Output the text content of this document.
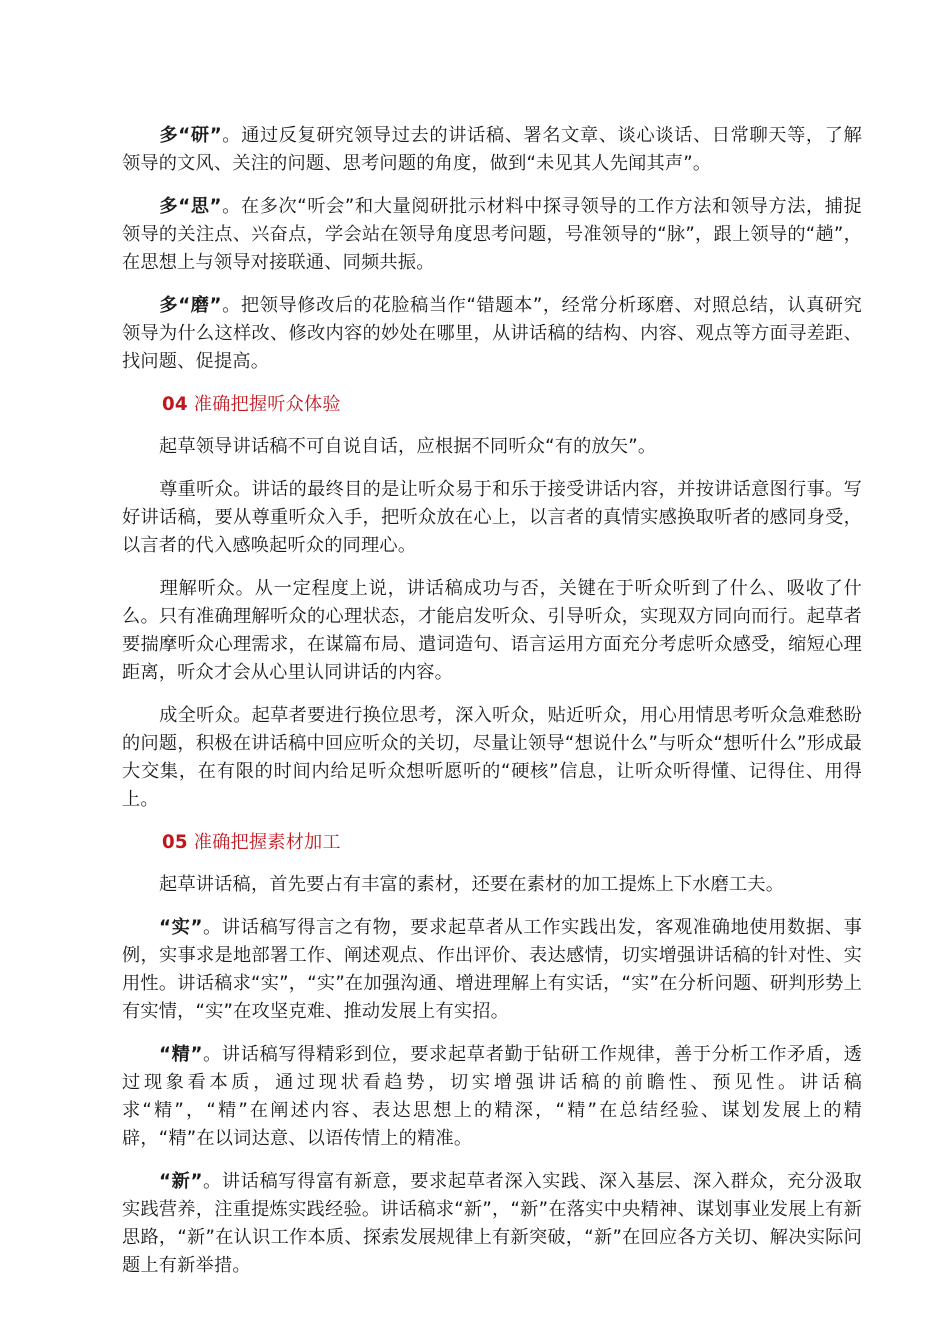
多“研”。通过反复研究领导过去的讲话稿、署名文章、谈心谈话、日常聊天等，了解领导的文风、关注的问题、思考问题的角度，做到“未见其人先闻其声”。

多“思”。在多次“听会”和大量阅研批示材料中探寻领导的工作方法和领导方法，捕捉领导的关注点、兴奋点，学会站在领导角度思考问题，号准领导的“脉”，跟上领导的“趟”，在思想上与领导对接联通、同频共振。

多“磨”。把领导修改后的花脸稿当作“错题本”，经常分析琢磨、对照总结，认真研究领导为什么这样改、修改内容的妙处在哪里，从讲话稿的结构、内容、观点等方面寻差距、找问题、促提高。

04 准确把握听众体验

起草领导讲话稿不可自说自话，应根据不同听众“有的放矢”。

尊重听众。讲话的最终目的是让听众易于和乐于接受讲话内容，并按讲话意图行事。写好讲话稿，要从尊重听众入手，把听众放在心上，以言者的真情实感换取听者的感同身受，以言者的代入感唤起听众的同理心。

理解听众。从一定程度上说，讲话稿成功与否，关键在于听众听到了什么、吸收了什么。只有准确理解听众的心理状态，才能启发听众、引导听众，实现双方同向而行。起草者要揣摩听众心理需求，在谋篇布局、遣词造句、语言运用方面充分考虑听众感受，缩短心理距离，听众才会从心里认同讲话的内容。

成全听众。起草者要进行换位思考，深入听众，贴近听众，用心用情思考听众急难愁盼的问题，积极在讲话稿中回应听众的关切，尽量让领导“想说什么”与听众“想听什么”形成最大交集，在有限的时间内给足听众想听愿听的“硬核”信息，让听众听得懂、记得住、用得上。

05 准确把握素材加工

起草讲话稿，首先要占有丰富的素材，还要在素材的加工提炼上下水磨工夫。

“实”。讲话稿写得言之有物，要求起草者从工作实践出发，客观准确地使用数据、事例，实事求是地部署工作、阐述观点、作出评价、表达感情，切实增强讲话稿的针对性、实用性。讲话稿求“实”，“实”在加强沟通、增进理解上有实话，“实”在分析问题、研判形势上有实情，“实”在攻坚克难、推动发展上有实招。

“精”。讲话稿写得精彩到位，要求起草者勤于钻研工作规律，善于分析工作矛盾，透过现象看本质，通过现状看趋势，切实增强讲话稿的前瞻性、预见性。讲话稿求“精”，“精”在阐述内容、表达思想上的精深，“精”在总结经验、谋划发展上的精辟，“精”在以词达意、以语传情上的精准。

“新”。讲话稿写得富有新意，要求起草者深入实践、深入基层、深入群众，充分汲取实践营养，注重提炼实践经验。讲话稿求“新”，“新”在落实中央精神、谋划事业发展上有新思路，“新”在认识工作本质、探索发展规律上有新突破，“新”在回应各方关切、解决实际问题上有新举措。
